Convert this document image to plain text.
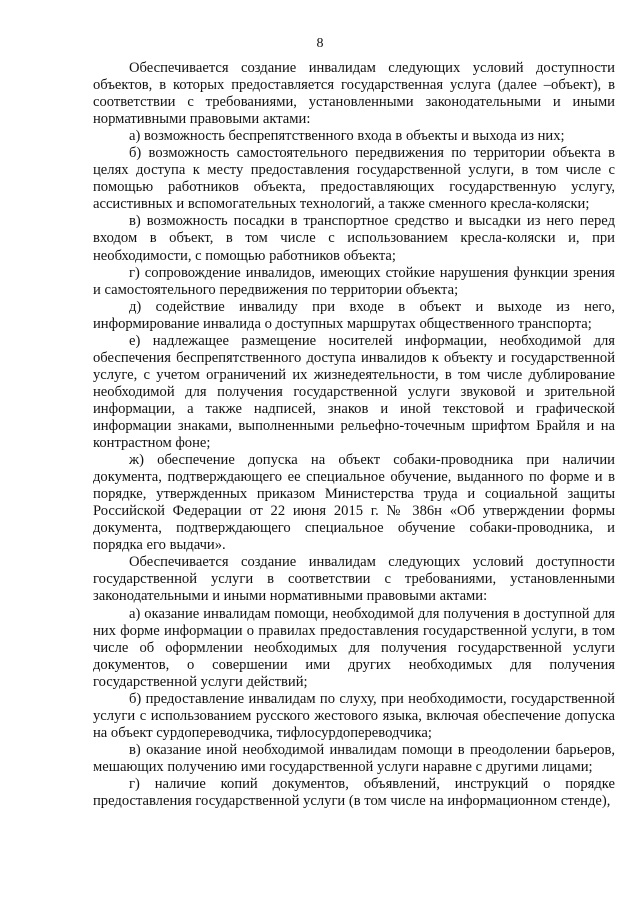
8

Обеспечивается создание инвалидам следующих условий доступности объектов, в которых предоставляется государственная услуга (далее –объект), в соответствии с требованиями, установленными законодательными и иными нормативными правовыми актами:

а) возможность беспрепятственного входа в объекты и выхода из них;

б) возможность самостоятельного передвижения по территории объекта в целях доступа к месту предоставления государственной услуги, в том числе с помощью работников объекта, предоставляющих государственную услугу, ассистивных и вспомогательных технологий, а также сменного кресла-коляски;

в) возможность посадки в транспортное средство и высадки из него перед входом в объект, в том числе с использованием кресла-коляски и, при необходимости, с помощью работников объекта;

г) сопровождение инвалидов, имеющих стойкие нарушения функции зрения и самостоятельного передвижения по территории объекта;

д) содействие инвалиду при входе в объект и выходе из него, информирование инвалида о доступных маршрутах общественного транспорта;

е) надлежащее размещение носителей информации, необходимой для обеспечения беспрепятственного доступа инвалидов к объекту и государственной услуге, с учетом ограничений их жизнедеятельности, в том числе дублирование необходимой для получения государственной услуги звуковой и зрительной информации, а также надписей, знаков и иной текстовой и графической информации знаками, выполненными рельефно-точечным шрифтом Брайля и на контрастном фоне;

ж) обеспечение допуска на объект собаки-проводника при наличии документа, подтверждающего ее специальное обучение, выданного по форме и в порядке, утвержденных приказом Министерства труда и социальной защиты Российской Федерации от 22 июня 2015 г. № 386н «Об утверждении формы документа, подтверждающего специальное обучение собаки-проводника, и порядка его выдачи».

Обеспечивается создание инвалидам следующих условий доступности государственной услуги в соответствии с требованиями, установленными законодательными и иными нормативными правовыми актами:

а) оказание инвалидам помощи, необходимой для получения в доступной для них форме информации о правилах предоставления государственной услуги, в том числе об оформлении необходимых для получения государственной услуги документов, о совершении ими других необходимых для получения государственной услуги действий;

б) предоставление инвалидам по слуху, при необходимости, государственной услуги с использованием русского жестового языка, включая обеспечение допуска на объект сурдопереводчика, тифлосурдопереводчика;

в) оказание иной необходимой инвалидам помощи в преодолении барьеров, мешающих получению ими государственной услуги наравне с другими лицами;

г) наличие копий документов, объявлений, инструкций о порядке предоставления государственной услуги (в том числе на информационном стенде),
